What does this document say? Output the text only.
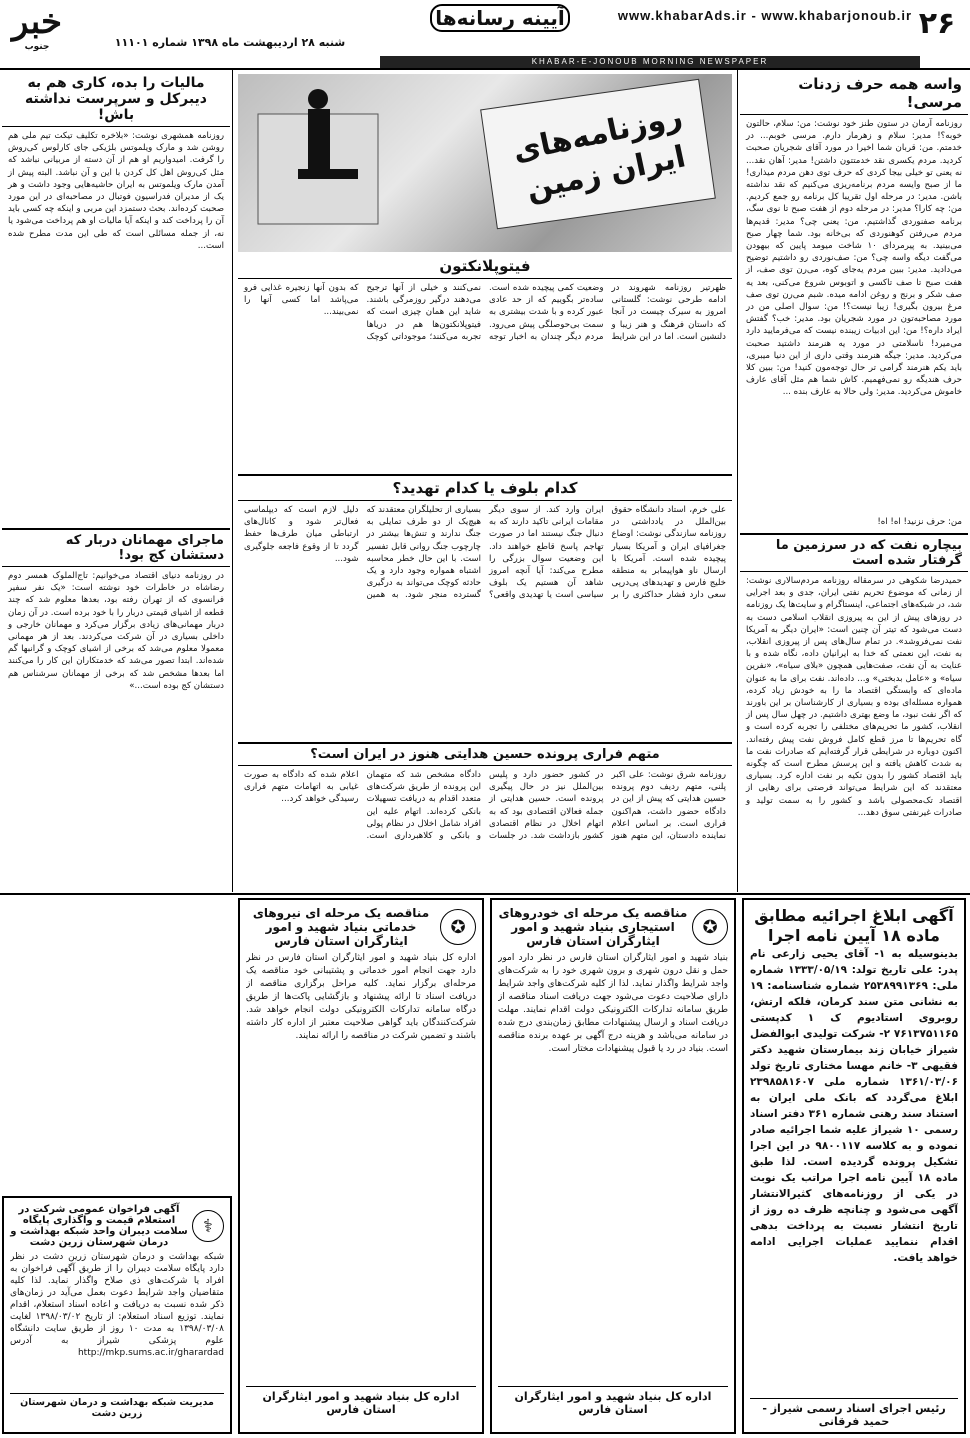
۲۶
www.khabarAds.ir - www.khabarjonoub.ir
آیینه رسانه‌ها
شنبه ۲۸ اردیبهشت ماه ۱۳۹۸ شماره ۱۱۱۰۱
خبر
جنوب
KHABAR-E-JONOUB MORNING NEWSPAPER
واسه همه حرف زدنات مرسی!
روزنامه آرمان در ستون طنز خود نوشت: من: سلام، حالتون خوبه؟! مدیر: سلام و زهرمار دارم. مرسی خوبم... در خدمتم. من: قربان شما اخیرا در مورد آقای شجریان صحبت کردید. مردم یکسری نقد خدمتتون داشتن! مدیر: آهان نقد... نه یعنی تو خیلی بیجا کردی که حرف توی دهن مردم میذاری! ما از صبح وایسه مردم برنامه‌ریزی می‌کنیم که نقد نداشته باشن. مدیر: در مرحله اول تقریبا کل برنامه رو جمع کردیم. من: چه‌ کارا؟ مدیر: در مرحله دوم از هفت صبح تا نوی سگ، برنامه صفنوردی گذاشتیم. من: یعنی چی؟ مدیر: قدیم‌ها مردم می‌رفتن کوهنوردی که بی‌خانه بود. شما چهار صبح می‌بینید. به پیرمردای ۱۰ شاخت میومد پایین که بیهودن می‌گفت دیگه واسه چی؟ من: صف‌نوردی رو داشتیم توضیح می‌دادید. مدیر: ببین مردم یه‌جای کوه، می‌رن توی صف، از هفت صبح تا صف تاکسی و اتوبوس شروع می‌کنی، بعد یه صف شکر و برنج و روغن ادامه میده. شبم می‌رن توی صف مرغ بیرون بگیری! زیبا نیست؟! من: سوال اصلی من در مورد مصاحبه‌تون در مورد شجریان بود. مدیر: خب؟ گفتش ایراد داره؟! من: این ادبیات زیبنده نیست که می‌فرمایید دارد می‌میرد! ناسلامتی در مورد یه هنرمند داشتید صحبت می‌کردید. مدیر: جیگه هنرمند وقتی داری از این دنیا میبری، باید یکم هنرمند گرامی تر حال توجه‌مون کنید! من: ببین کلا حرف هندیگه رو نمی‌فهمیم. کاش شما هم مثل آقای عارف خاموش می‌کردید. مدیر: ولی حالا به عارف بنده ...
من: حرف نزنید! اه! اه!
بیچاره نفت که در سرزمین ما گرفتار شده است
حمیدرضا شکوهی در سرمقاله روزنامه مردم‌سالاری نوشت: از زمانی که موضوع تحریم نفتی ایران، جدی و بعد اجرایی شد، در شبکه‌های اجتماعی، اینستاگرام و سایت‌ها یک روزنامه در روزهای پیش از این به پیروزی انقلاب اسلامی دست به دست می‌شود که تیتر آن چنین است: «ایران دیگر به آمریکا نفت نمی‌فروشد». در تمام سال‌های پس از پیروزی انقلاب، به نفت، این نعمتی که خدا به ایرانیان داده، نگاه شده و با عنایت به آن نفت، صفت‌هایی همچون «بلای سیاه»، «نفرین سیاه» و «عامل بدبختی» و... داده‌اند. نفت برای ما به عنوان ماده‌ای که وابستگی اقتصاد ما را به خودش زیاد کرده، همواره مسئله‌ای بوده و بسیاری از کارشناسان بر این باورند که اگر نفت نبود، ما وضع بهتری داشتیم. در چهل سال پس از انقلاب، کشور ما تحریم‌های مختلفی را تجربه کرده است و گاه تحریم‌ها تا مرز قطع کامل فروش نفت پیش رفته‌اند. اکنون دوباره در شرایطی قرار گرفته‌ایم که صادرات نفت ما به شدت کاهش یافته و این پرسش مطرح است که چگونه باید اقتصاد کشور را بدون تکیه بر نفت اداره کرد. بسیاری معتقدند که این شرایط می‌تواند فرصتی برای رهایی از اقتصاد تک‌محصولی باشد و کشور را به سمت تولید و صادرات غیرنفتی سوق دهد...
مالیات را بده، کاری هم به دیبرکل و سرپرست نداشته باش!
روزنامه همشهری نوشت: «بلاخره تکلیف تیکت تیم ملی هم روشن شد و مارک ویلموتس بلژیکی جای کارلوس کی‌روش را گرفت. امیدواریم او هم از آن دسته از مربیانی نباشد که مثل کی‌روش اهل کل کردن با این و آن نباشد. البته پیش از آمدن مارک ویلموتس به ایران حاشیه‌هایی وجود داشت و هر یک از مدیران فدراسیون فوتبال در مصاحبه‌ای در این مورد صحبت کرده‌اند. بحث دستمزد این مربی و اینکه چه کسی باید آن را پرداخت کند و اینکه آیا مالیات او هم پرداخت می‌شود یا نه، از جمله مسائلی است که طی این مدت مطرح شده است...
ماجرای مهمانان دربار که دستشان کج بود!
در روزنامه دنیای اقتصاد می‌خوانیم: تاج‌الملوک همسر دوم رضاشاه در خاطرات خود نوشته است: «یک نفر سفیر فرانسوی که از تهران رفته بود، بعدها معلوم شد که چند قطعه از اشیای قیمتی دربار را با خود برده است. در آن زمان دربار مهمانی‌های زیادی برگزار می‌کرد و مهمانان خارجی و داخلی بسیاری در آن شرکت می‌کردند. بعد از هر مهمانی معمولا معلوم می‌شد که برخی از اشیای کوچک و گرانبها گم شده‌اند. ابتدا تصور می‌شد که خدمتکاران این کار را می‌کنند اما بعدها مشخص شد که برخی از مهمانان سرشناس هم دستشان کج بوده است...»
روزنامه‌های ایران زمین
فیتوپلانکتون
ظهرتیر روزنامه شهروند در ادامه طرحی نوشت: گلستانی امروز به سیرک چیست در آنجا که داستان فرهنگ و هنر زیبا و دلنشین است. اما در این شرایط وضعیت کمی پیچیده شده است. ساده‌تر بگوییم که از حد عادی عبور کرده و با شدت بیشتری به سمت بی‌حوصلگی پیش می‌رود. مردم دیگر چندان به اخبار توجه نمی‌کنند و خیلی از آنها ترجیح می‌دهند درگیر روزمرگی باشند. شاید این همان چیزی است که فیتوپلانکتون‌ها هم در دریاها تجربه می‌کنند؛ موجوداتی کوچک که بدون آنها زنجیره غذایی فرو می‌پاشد اما کسی آنها را نمی‌بیند...
کدام بلوف یا کدام تهدید؟
علی خرم، استاد دانشگاه حقوق بین‌الملل در یادداشتی در روزنامه سازندگی نوشت: اوضاع جغرافیای ایران و آمریکا بسیار پیچیده شده است. آمریکا با ارسال ناو هواپیمابر به منطقه خلیج فارس و تهدیدهای پی‌درپی سعی دارد فشار حداکثری را بر ایران وارد کند. از سوی دیگر مقامات ایرانی تاکید دارند که به دنبال جنگ نیستند اما در صورت تهاجم پاسخ قاطع خواهند داد. این وضعیت سوال بزرگی را مطرح می‌کند: آیا آنچه امروز شاهد آن هستیم یک بلوف سیاسی است یا تهدیدی واقعی؟ بسیاری از تحلیلگران معتقدند که هیچ‌یک از دو طرف تمایلی به جنگ ندارند و تنش‌ها بیشتر در چارچوب جنگ روانی قابل تفسیر است. با این حال خطر محاسبه اشتباه همواره وجود دارد و یک حادثه کوچک می‌تواند به درگیری گسترده منجر شود. به همین دلیل لازم است که دیپلماسی فعال‌تر شود و کانال‌های ارتباطی میان طرف‌ها حفظ گردد تا از وقوع فاجعه جلوگیری شود...
متهم فراری پرونده حسین هدایتی هنوز در ایران است؟
روزنامه شرق نوشت: علی اکبر پلنی، متهم ردیف دوم پرونده حسین هدایتی که پیش از این در دادگاه حضور داشت، هم‌اکنون فراری است. بر اساس اعلام نماینده دادستان، این متهم هنوز در کشور حضور دارد و پلیس بین‌الملل نیز در حال پیگیری پرونده است. حسین هدایتی از جمله فعالان اقتصادی بود که به اتهام اخلال در نظام اقتصادی کشور بازداشت شد. در جلسات دادگاه مشخص شد که متهمان این پرونده از طریق شرکت‌های متعدد اقدام به دریافت تسهیلات بانکی کرده‌اند. اتهام علیه این افراد شامل اخلال در نظام پولی و بانکی و کلاهبرداری است. اعلام شده که دادگاه به صورت غیابی به اتهامات متهم فراری رسیدگی خواهد کرد...
آگهی ابلاغ اجرائیه مطابق ماده ۱۸ آیین نامه اجرا
بدینوسیله به ۱- آقای یحیی زارعی نام پدر: علی تاریخ تولد: ۱۳۳۳/۰۵/۱۹ شماره ملی: ۲۵۳۸۹۹۱۳۶۹ شماره شناسنامه: ۱۹ به نشانی متن سند کرمان، فلکه ارتش، روبروی استادیوم ک ۱ کدپستی ۷۶۱۳۷۵۱۱۶۵ ۲- شرکت تولیدی ابوالفضل شیراز خیابان زند بیمارستان شهید دکتر فقیهی ۳- خانم مهسا مختاری تاریخ تولد ۱۳۶۱/۰۳/۰۶ شماره ملی ۲۳۹۸۵۸۱۶۰۷ ابلاغ می‌گردد که بانک ملی ایران به استناد سند رهنی شماره ۳۶۱ دفتر اسناد رسمی ۱۰ شیراز علیه شما اجرائیه صادر نموده و به کلاسه ۹۸۰۰۱۱۷ در این اجرا تشکیل پرونده گردیده است. لذا طبق ماده ۱۸ آیین نامه اجرا مراتب یک نوبت در یکی از روزنامه‌های کثیرالانتشار آگهی می‌شود و چنانچه ظرف ده روز از تاریخ انتشار نسبت به پرداخت بدهی اقدام ننمایید عملیات اجرایی ادامه خواهد یافت.
رئیس اجرای اسناد رسمی شیراز - حمید فرقانی
✪
مناقصه یک مرحله ای خودروهای استیجاری بنیاد شهید و امور ایثارگران استان فارس
بنیاد شهید و امور ایثارگران استان فارس در نظر دارد امور حمل و نقل درون شهری و برون شهری خود را به شرکت‌های واجد شرایط واگذار نماید. لذا از کلیه شرکت‌های واجد شرایط دارای صلاحیت دعوت می‌شود جهت دریافت اسناد مناقصه از طریق سامانه تدارکات الکترونیکی دولت اقدام نمایند. مهلت دریافت اسناد و ارسال پیشنهادات مطابق زمان‌بندی درج شده در سامانه می‌باشد و هزینه درج آگهی بر عهده برنده مناقصه است. بنیاد در رد یا قبول پیشنهادات مختار است.
اداره کل بنیاد شهید و امور ایثارگران استان فارس
✪
مناقصه یک مرحله ای نیروهای خدماتی بنیاد شهید و امور ایثارگران استان فارس
اداره کل بنیاد شهید و امور ایثارگران استان فارس در نظر دارد جهت انجام امور خدماتی و پشتیبانی خود مناقصه یک مرحله‌ای برگزار نماید. کلیه مراحل برگزاری مناقصه از دریافت اسناد تا ارائه پیشنهاد و بازگشایی پاکت‌ها از طریق درگاه سامانه تدارکات الکترونیکی دولت انجام خواهد شد. شرکت‌کنندگان باید گواهی صلاحیت معتبر از اداره کار داشته باشند و تضمین شرکت در مناقصه را ارائه نمایند.
اداره کل بنیاد شهید و امور ایثارگران استان فارس
⚕
آگهی فراخوان عمومی شرکت در استعلام قیمت و واگذاری پایگاه سلامت دیبران واحد شبکه بهداشت و درمان شهرستان زرین دشت
شبکه بهداشت و درمان شهرستان زرین دشت در نظر دارد پایگاه سلامت دیبران را از طریق آگهی فراخوان به افراد یا شرکت‌های ذی صلاح واگذار نماید. لذا کلیه متقاضیان واجد شرایط دعوت بعمل می‌آید در زمان‌های ذکر شده نسبت به دریافت و اعاده اسناد استعلام، اقدام نمایند. توزیع اسناد استعلام: از تاریخ ۱۳۹۸/۰۳/۰۲ لغایت ۱۳۹۸/۰۳/۰۸ به مدت ۱۰ روز از طریق سایت دانشگاه علوم پزشکی شیراز به آدرس http://mkp.sums.ac.ir/gharardad
مدیریت شبکه بهداشت و درمان شهرستان زرین دشت
